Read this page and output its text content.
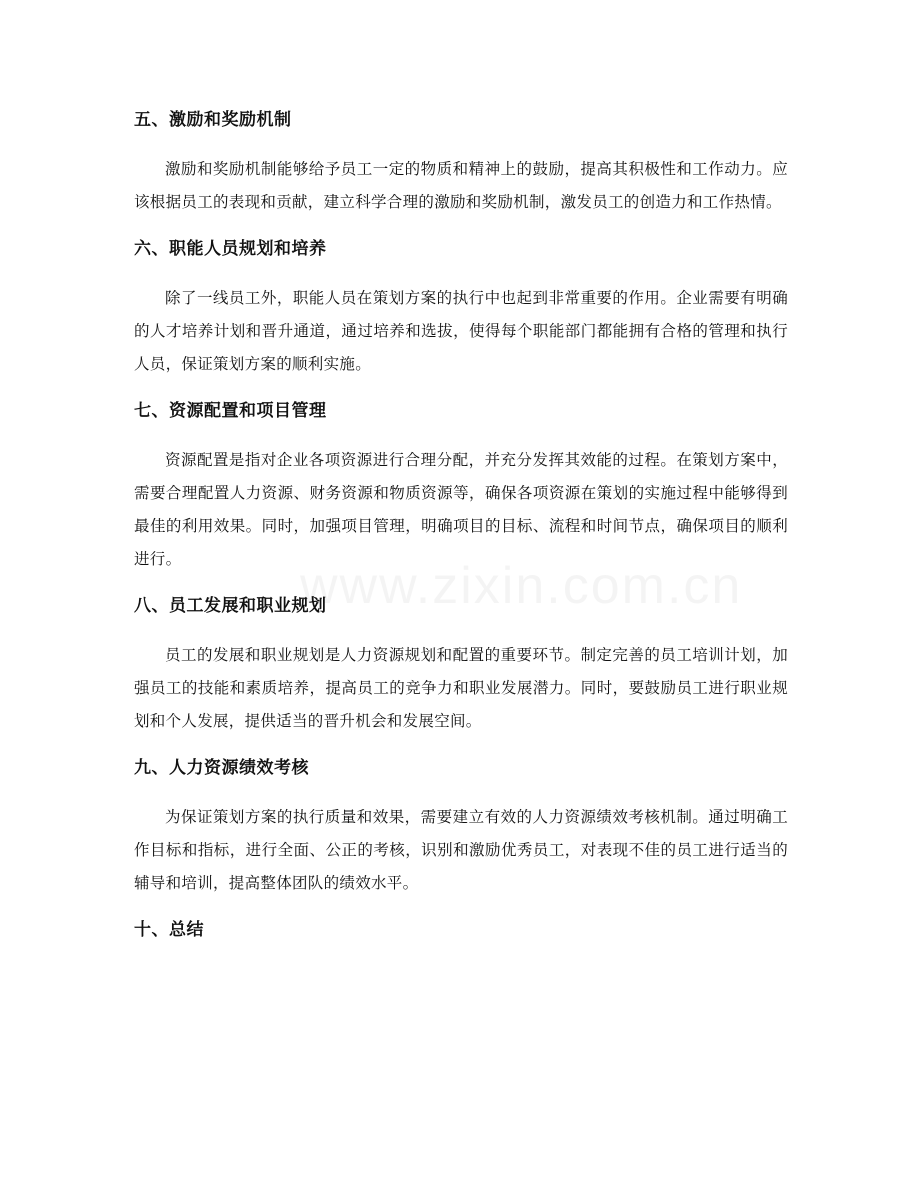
五、激励和奖励机制

激励和奖励机制能够给予员工一定的物质和精神上的鼓励，提高其积极性和工作动力。应该根据员工的表现和贡献，建立科学合理的激励和奖励机制，激发员工的创造力和工作热情。

六、职能人员规划和培养

除了一线员工外，职能人员在策划方案的执行中也起到非常重要的作用。企业需要有明确的人才培养计划和晋升通道，通过培养和选拔，使得每个职能部门都能拥有合格的管理和执行人员，保证策划方案的顺利实施。

七、资源配置和项目管理

资源配置是指对企业各项资源进行合理分配，并充分发挥其效能的过程。在策划方案中，需要合理配置人力资源、财务资源和物质资源等，确保各项资源在策划的实施过程中能够得到最佳的利用效果。同时，加强项目管理，明确项目的目标、流程和时间节点，确保项目的顺利进行。

八、员工发展和职业规划

员工的发展和职业规划是人力资源规划和配置的重要环节。制定完善的员工培训计划，加强员工的技能和素质培养，提高员工的竞争力和职业发展潜力。同时，要鼓励员工进行职业规划和个人发展，提供适当的晋升机会和发展空间。

九、人力资源绩效考核

为保证策划方案的执行质量和效果，需要建立有效的人力资源绩效考核机制。通过明确工作目标和指标，进行全面、公正的考核，识别和激励优秀员工，对表现不佳的员工进行适当的辅导和培训，提高整体团队的绩效水平。

十、总结
